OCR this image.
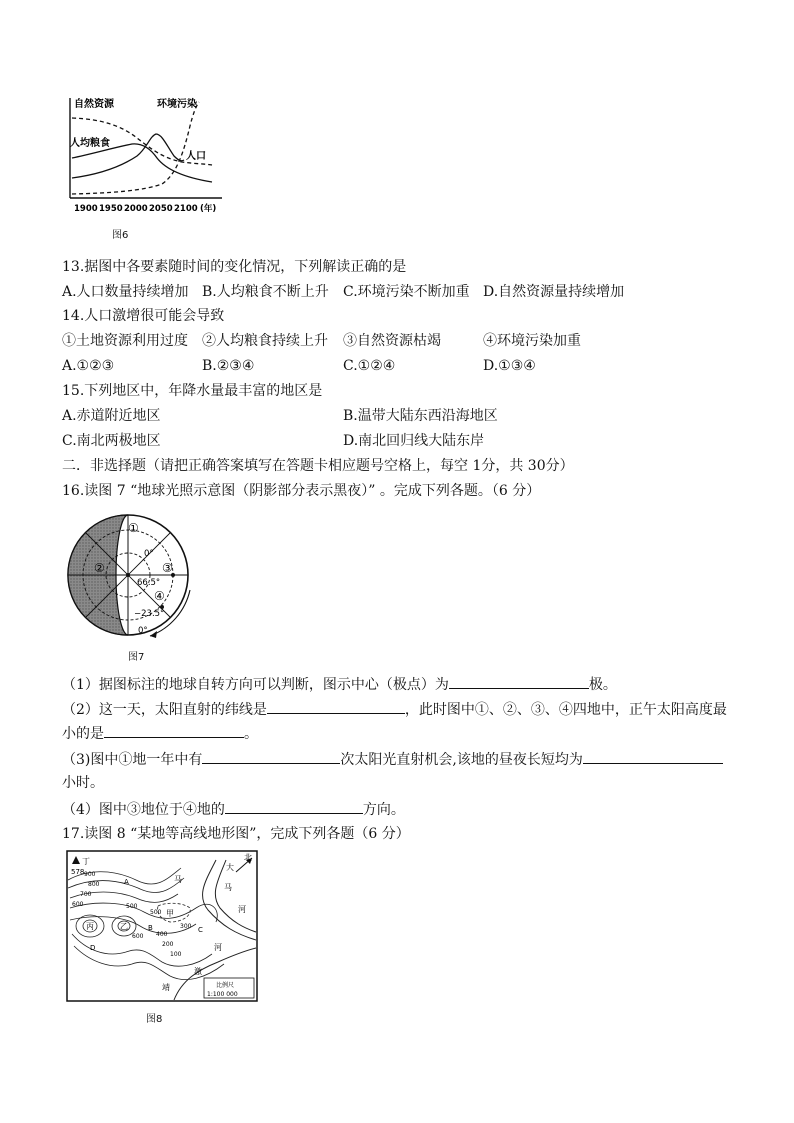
自然资源	环境污染
人均粮食
人口
1900 1950 2000 2050 2100 (年)
图6
13.据图中各要素随时间的变化情况，下列解读正确的是
A.人口数量持续增加 B.人均粮食不断上升 C.环境污染不断加重 D.自然资源量持续增加
14.人口激增很可能会导致
①土地资源利用过度 ②人均粮食持续上升 ③自然资源枯竭	④环境污染加重
A.①②③	B.②③④	C.①②④	D.①③④
15.下列地区中，年降水量最丰富的地区是
A.赤道附近地区	B.温带大陆东西沿海地区
C.南北两极地区	D.南北回归线大陆东岸
二．非选择题（请把正确答案填写在答题卡相应题号空格上，每空 1分，共 30分）
16.读图 7 “地球光照示意图（阴影部分表示黑夜）” 。完成下列各题。（6 分）
①
②	③
④
0°
66.5°
−23.5°
0°
图7
（1）据图标注的地球自转方向可以判断，图示中心（极点）为	极。
（2）这一天，太阳直射的纬线是	，此时图中①、②、③、④四地中，正午太阳高度最
小的是	。
（3)图中①地一年中有	次太阳光直射机会,该地的昼夜长短均为
小时。
（4）图中③地位于④地的	方向。
17.读图 8 “某地等高线地形图”，完成下列各题（6 分）
丁
578	大
北
马
马
河
河
丙	乙
甲
A
B	C
D
900
800
700
600	500
600
500
400
300
200
100
靖
激
比例尺
1:100 000
图8
